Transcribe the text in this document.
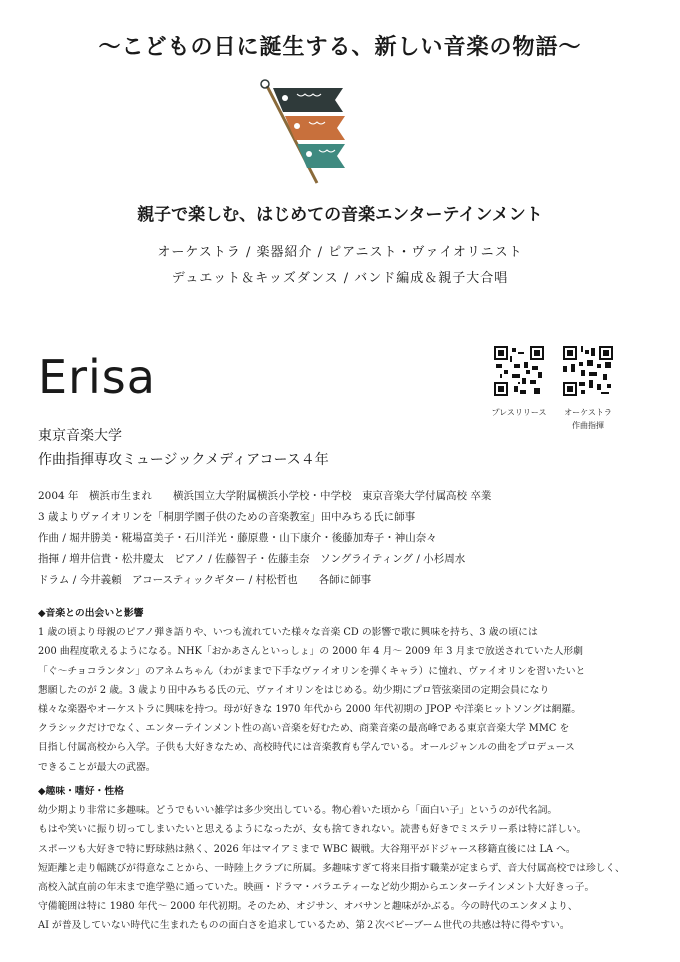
〜こどもの日に誕生する、新しい音楽の物語〜
親子で楽しむ、はじめての音楽エンターテインメント
オーケストラ / 楽器紹介 / ピアニスト・ヴァイオリニスト
デュエット＆キッズダンス / バンド編成＆親子大合唱
Erisa
プレスリリース	オーケストラ
作曲指揮
東京音楽大学
作曲指揮専攻ミュージックメディアコース４年
2004 年　横浜市生まれ　　横浜国立大学附属横浜小学校・中学校　東京音楽大学付属高校 卒業
3 歳よりヴァイオリンを「桐朋学園子供のための音楽教室」田中みちる氏に師事
作曲 / 堀井勝美・糀場富美子・石川洋光・藤原豊・山下康介・後藤加寿子・神山奈々
指揮 / 増井信貴・松井慶太　ピアノ / 佐藤智子・佐藤圭奈　ソングライティング / 小杉周水
ドラム / 今井義頼　アコースティックギター / 村松哲也　　各師に師事
◆音楽との出会いと影響
1 歳の頃より母親のピアノ弾き語りや、いつも流れていた様々な音楽 CD の影響で歌に興味を持ち、3 歳の頃には
200 曲程度歌えるようになる。NHK「おかあさんといっしょ」の 2000 年 4 月～ 2009 年 3 月まで放送されていた人形劇
「ぐ〜チョコランタン」のアネムちゃん（わがままで下手なヴァイオリンを弾くキャラ）に憧れ、ヴァイオリンを習いたいと
懇願したのが 2 歳。3 歳より田中みちる氏の元、ヴァイオリンをはじめる。幼少期にプロ管弦楽団の定期会員になり
様々な楽器やオーケストラに興味を持つ。母が好きな 1970 年代から 2000 年代初期の JPOP や洋楽ヒットソングは網羅。
クラシックだけでなく、エンターテインメント性の高い音楽を好むため、商業音楽の最高峰である東京音楽大学 MMC を
目指し付属高校から入学。子供も大好きなため、高校時代には音楽教育も学んでいる。オールジャンルの曲をプロデュース
できることが最大の武器。
◆趣味・嗜好・性格
幼少期より非常に多趣味。どうでもいい雑学は多少突出している。物心着いた頃から「面白い子」というのが代名詞。
もはや笑いに振り切ってしまいたいと思えるようになったが、女も捨てきれない。読書も好きでミステリー系は特に詳しい。
スポーツも大好きで特に野球熱は熱く、2026 年はマイアミまで WBC 観戦。大谷翔平がドジャース移籍直後には LA へ。
短距離と走り幅跳びが得意なことから、一時陸上クラブに所属。多趣味すぎて将来目指す職業が定まらず、音大付属高校では珍しく、
高校入試直前の年末まで進学塾に通っていた。映画・ドラマ・バラエティーなど幼少期からエンターテインメント大好きっ子。
守備範囲は特に 1980 年代～ 2000 年代初期。そのため、オジサン、オバサンと趣味がかぶる。今の時代のエンタメより、
AI が普及していない時代に生まれたものの面白さを追求しているため、第２次ベビーブーム世代の共感は特に得やすい。
